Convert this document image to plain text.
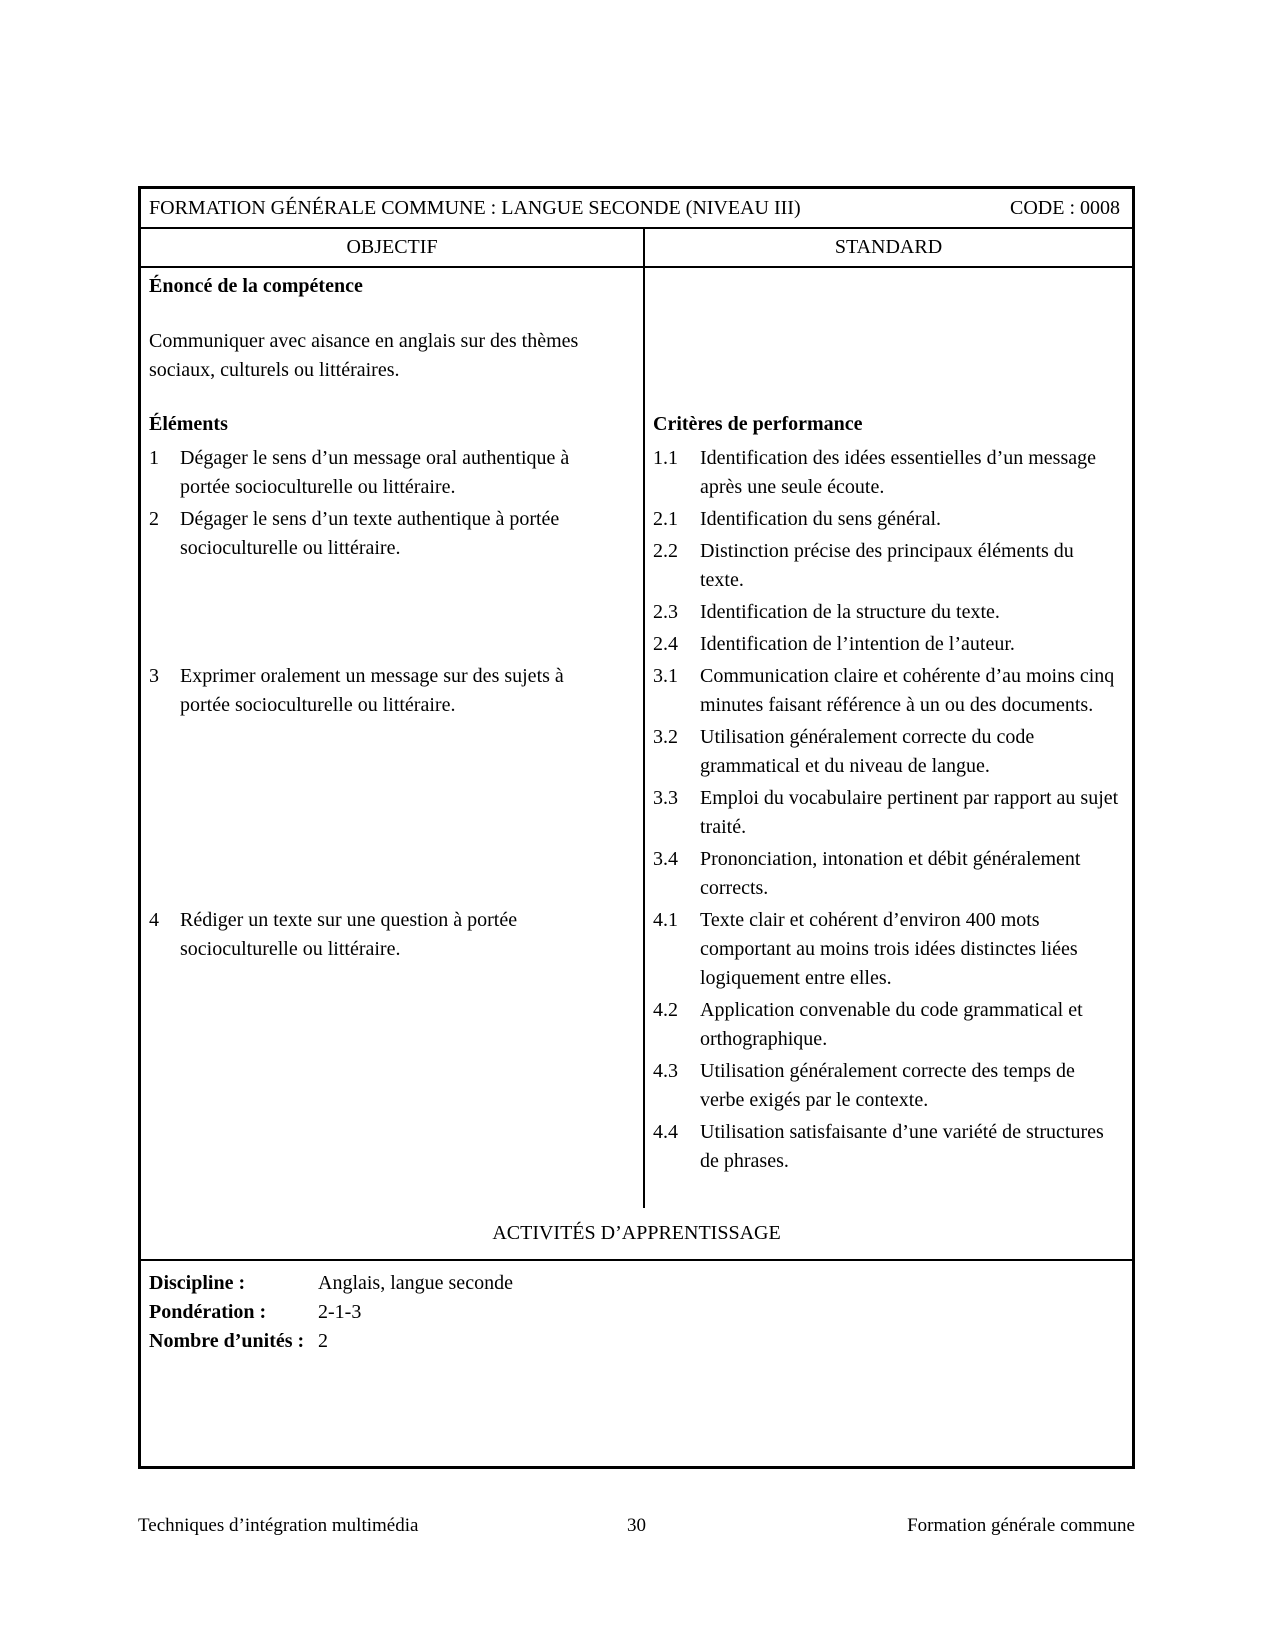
FORMATION GÉNÉRALE COMMUNE : LANGUE SECONDE (NIVEAU III)	CODE : 0008
OBJECTIF	STANDARD

Énoncé de la compétence

Communiquer avec aisance en anglais sur des thèmes sociaux, culturels ou littéraires.

Éléments	Critères de performance

1	Dégager le sens d’un message oral authentique à portée socioculturelle ou littéraire.
1.1	Identification des idées essentielles d’un message après une seule écoute.
2	Dégager le sens d’un texte authentique à portée socioculturelle ou littéraire.
2.1	Identification du sens général.
2.2	Distinction précise des principaux éléments du texte.
2.3	Identification de la structure du texte.
2.4	Identification de l’intention de l’auteur.
3	Exprimer oralement un message sur des sujets à portée socioculturelle ou littéraire.
3.1	Communication claire et cohérente d’au moins cinq minutes faisant référence à un ou des documents.
3.2	Utilisation généralement correcte du code grammatical et du niveau de langue.
3.3	Emploi du vocabulaire pertinent par rapport au sujet traité.
3.4	Prononciation, intonation et débit généralement corrects.
4	Rédiger un texte sur une question à portée socioculturelle ou littéraire.
4.1	Texte clair et cohérent d’environ 400 mots comportant au moins trois idées distinctes liées logiquement entre elles.
4.2	Application convenable du code grammatical et orthographique.
4.3	Utilisation généralement correcte des temps de verbe exigés par le contexte.
4.4	Utilisation satisfaisante d’une variété de structures de phrases.
ACTIVITÉS D’APPRENTISSAGE
Discipline :	Anglais, langue seconde
Pondération :	2-1-3
Nombre d’unités : 2
Techniques d’intégration multimédia	30	Formation générale commune
